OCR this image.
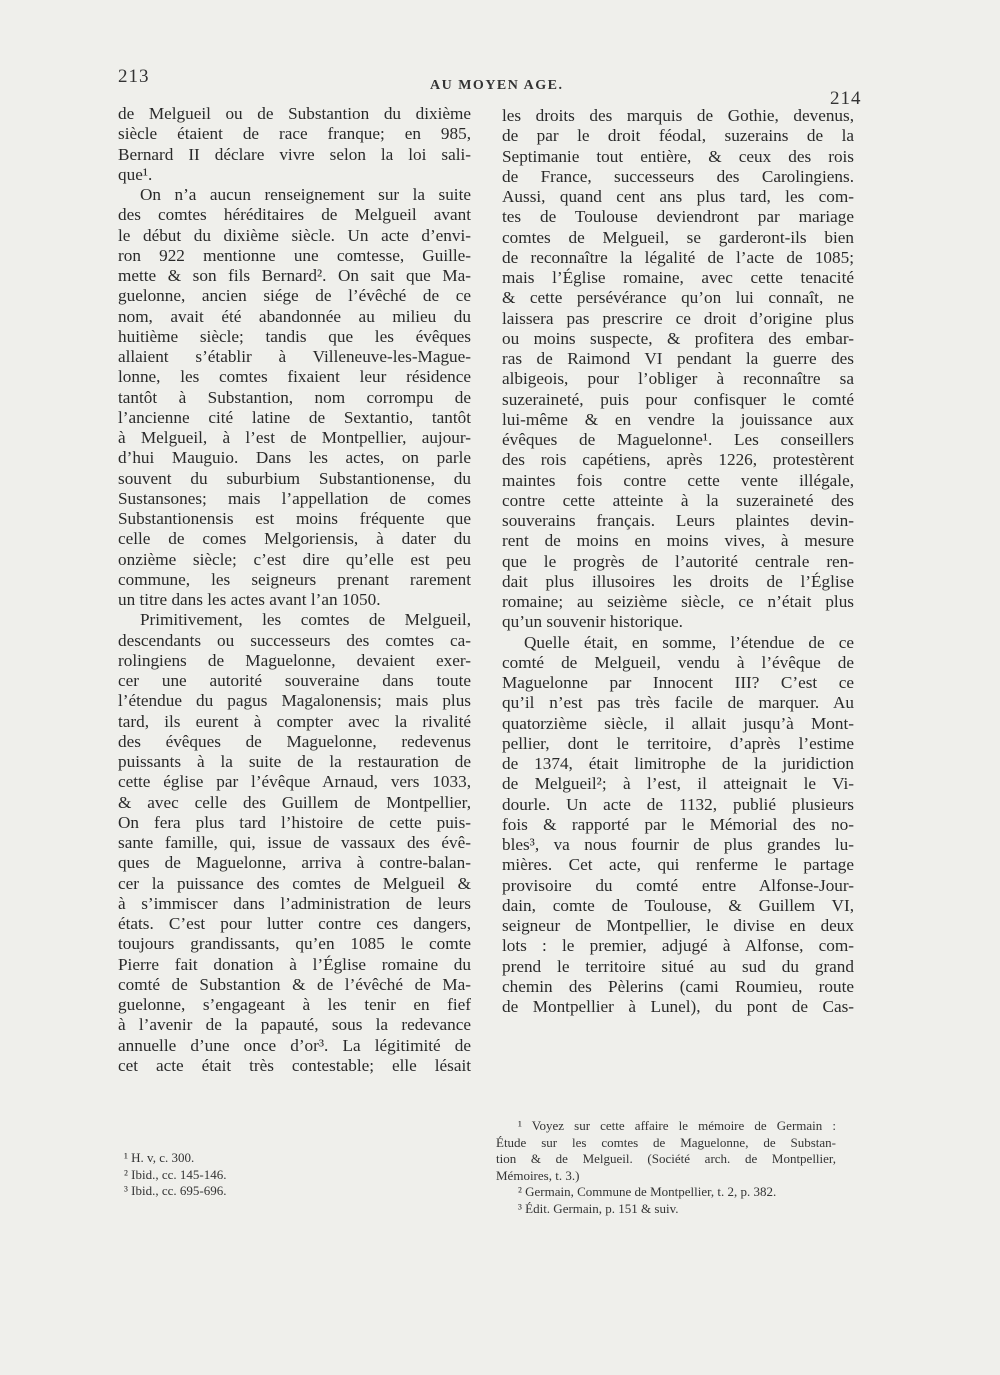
213	AU MOYEN AGE.
214
de Melgueil ou de Substantion du dixième
siècle étaient de race franque; en 985,
Bernard II déclare vivre selon la loi sali-
que¹.
On n’a aucun renseignement sur la suite
des comtes héréditaires de Melgueil avant
le début du dixième siècle. Un acte d’envi-
ron 922 mentionne une comtesse, Guille-
mette & son fils Bernard². On sait que Ma-
guelonne, ancien siége de l’évêché de ce
nom, avait été abandonnée au milieu du
huitième siècle; tandis que les évêques
allaient s’établir à Villeneuve-les-Mague-
lonne, les comtes fixaient leur résidence
tantôt à Substantion, nom corrompu de
l’ancienne cité latine de Sextantio, tantôt
à Melgueil, à l’est de Montpellier, aujour-
d’hui Mauguio. Dans les actes, on parle
souvent du suburbium Substantionense, du
Sustansones; mais l’appellation de comes
Substantionensis est moins fréquente que
celle de comes Melgoriensis, à dater du
onzième siècle; c’est dire qu’elle est peu
commune, les seigneurs prenant rarement
un titre dans les actes avant l’an 1050.
Primitivement, les comtes de Melgueil,
descendants ou successeurs des comtes ca-
rolingiens de Maguelonne, devaient exer-
cer une autorité souveraine dans toute
l’étendue du pagus Magalonensis; mais plus
tard, ils eurent à compter avec la rivalité
des évêques de Maguelonne, redevenus
puissants à la suite de la restauration de
cette église par l’évêque Arnaud, vers 1033,
& avec celle des Guillem de Montpellier,
On fera plus tard l’histoire de cette puis-
sante famille, qui, issue de vassaux des évê-
ques de Maguelonne, arriva à contre-balan-
cer la puissance des comtes de Melgueil &
à s’immiscer dans l’administration de leurs
états. C’est pour lutter contre ces dangers,
toujours grandissants, qu’en 1085 le comte
Pierre fait donation à l’Église romaine du
comté de Substantion & de l’évêché de Ma-
guelonne, s’engageant à les tenir en fief
à l’avenir de la papauté, sous la redevance
annuelle d’une once d’or³. La légitimité de
cet acte était très contestable; elle lésait
¹ H. v, c. 300.
² Ibid., cc. 145-146.
³ Ibid., cc. 695-696.
les droits des marquis de Gothie, devenus,
de par le droit féodal, suzerains de la
Septimanie tout entière, & ceux des rois
de France, successeurs des Carolingiens.
Aussi, quand cent ans plus tard, les com-
tes de Toulouse deviendront par mariage
comtes de Melgueil, se garderont-ils bien
de reconnaître la légalité de l’acte de 1085;
mais l’Église romaine, avec cette tenacité
& cette persévérance qu’on lui connaît, ne
laissera pas prescrire ce droit d’origine plus
ou moins suspecte, & profitera des embar-
ras de Raimond VI pendant la guerre des
albigeois, pour l’obliger à reconnaître sa
suzeraineté, puis pour confisquer le comté
lui-même & en vendre la jouissance aux
évêques de Maguelonne¹. Les conseillers
des rois capétiens, après 1226, protestèrent
maintes fois contre cette vente illégale,
contre cette atteinte à la suzeraineté des
souverains français. Leurs plaintes devin-
rent de moins en moins vives, à mesure
que le progrès de l’autorité centrale ren-
dait plus illusoires les droits de l’Église
romaine; au seizième siècle, ce n’était plus
qu’un souvenir historique.
Quelle était, en somme, l’étendue de ce
comté de Melgueil, vendu à l’évêque de
Maguelonne par Innocent III? C’est ce
qu’il n’est pas très facile de marquer. Au
quatorzième siècle, il allait jusqu’à Mont-
pellier, dont le territoire, d’après l’estime
de 1374, était limitrophe de la juridiction
de Melgueil²; à l’est, il atteignait le Vi-
dourle. Un acte de 1132, publié plusieurs
fois & rapporté par le Mémorial des no-
bles³, va nous fournir de plus grandes lu-
mières. Cet acte, qui renferme le partage
provisoire du comté entre Alfonse-Jour-
dain, comte de Toulouse, & Guillem VI,
seigneur de Montpellier, le divise en deux
lots : le premier, adjugé à Alfonse, com-
prend le territoire situé au sud du grand
chemin des Pèlerins (cami Roumieu, route
de Montpellier à Lunel), du pont de Cas-
¹ Voyez sur cette affaire le mémoire de Germain :
Étude sur les comtes de Maguelonne, de Substan-
tion & de Melgueil. (Société arch. de Montpellier,
Mémoires, t. 3.)
² Germain, Commune de Montpellier, t. 2, p. 382.
³ Édit. Germain, p. 151 & suiv.
